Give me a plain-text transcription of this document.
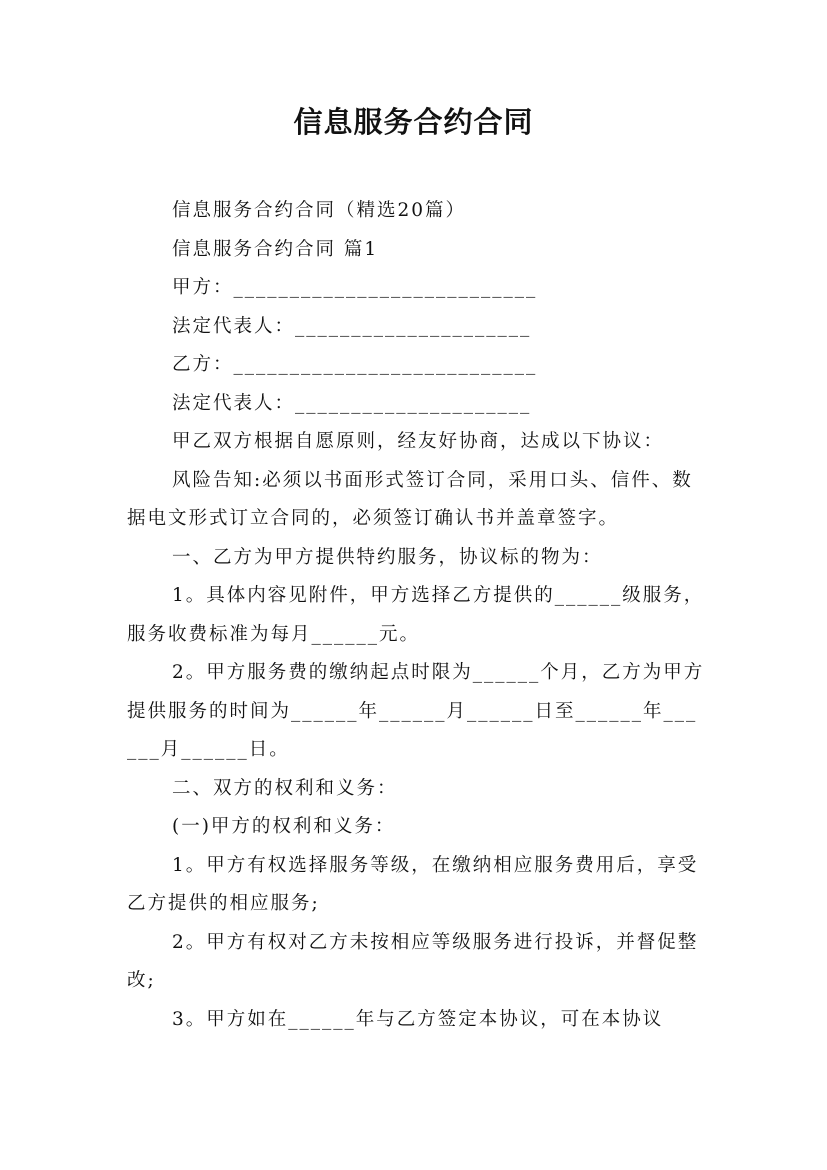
信息服务合约合同

信息服务合约合同（精选20篇）

信息服务合约合同 篇1

甲方：___________________________

法定代表人：_____________________

乙方：___________________________

法定代表人：_____________________

甲乙双方根据自愿原则，经友好协商，达成以下协议：

风险告知:必须以书面形式签订合同，采用口头、信件、数据电文形式订立合同的，必须签订确认书并盖章签字。

一、乙方为甲方提供特约服务，协议标的物为：

1。具体内容见附件，甲方选择乙方提供的______级服务，服务收费标准为每月______元。

2。甲方服务费的缴纳起点时限为______个月，乙方为甲方提供服务的时间为______年______月______日至______年______月______日。

二、双方的权利和义务：

(一)甲方的权利和义务：

1。甲方有权选择服务等级，在缴纳相应服务费用后，享受乙方提供的相应服务;

2。甲方有权对乙方未按相应等级服务进行投诉，并督促整改;

3。甲方如在______年与乙方签定本协议，可在本协议
